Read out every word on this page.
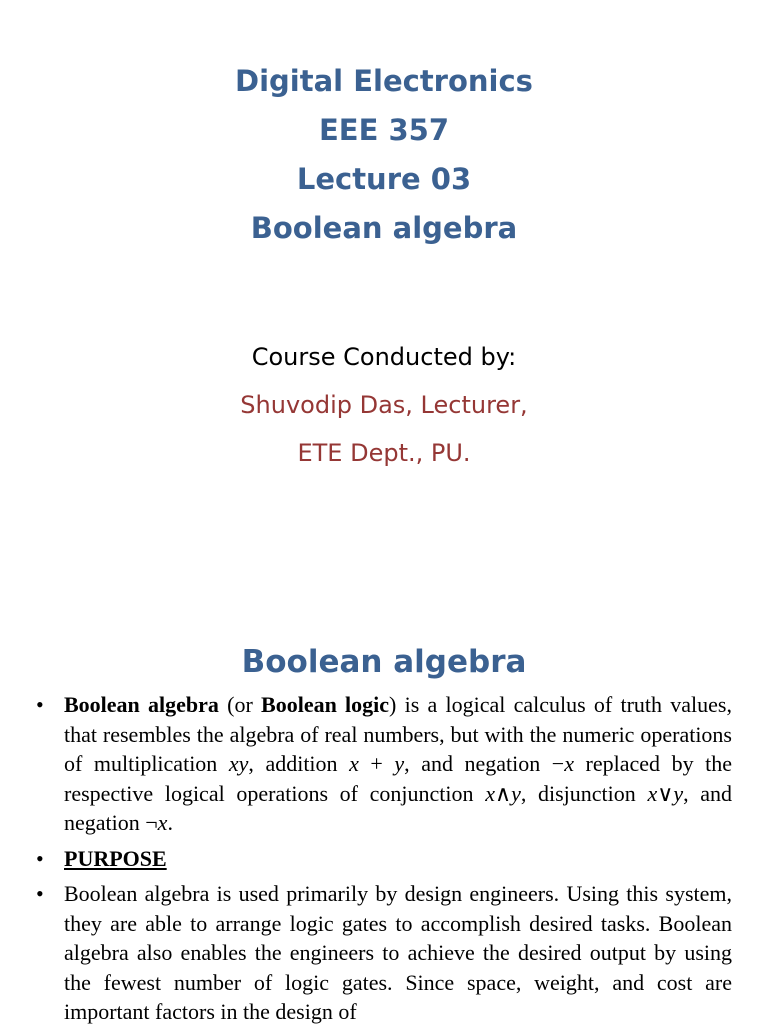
Digital Electronics
EEE 357
Lecture 03
Boolean algebra
Course Conducted by:
Shuvodip Das, Lecturer,
ETE Dept., PU.
Boolean algebra
• Boolean algebra (or Boolean logic) is a logical calculus of truth values, that resembles the algebra of real numbers, but with the numeric operations of multiplication xy, addition x + y, and negation −x replaced by the respective logical operations of conjunction x∧y, disjunction x∨y, and negation ¬x.
• PURPOSE
• Boolean algebra is used primarily by design engineers. Using this system, they are able to arrange logic gates to accomplish desired tasks. Boolean algebra also enables the engineers to achieve the desired output by using the fewest number of logic gates. Since space, weight, and cost are important factors in the design of
